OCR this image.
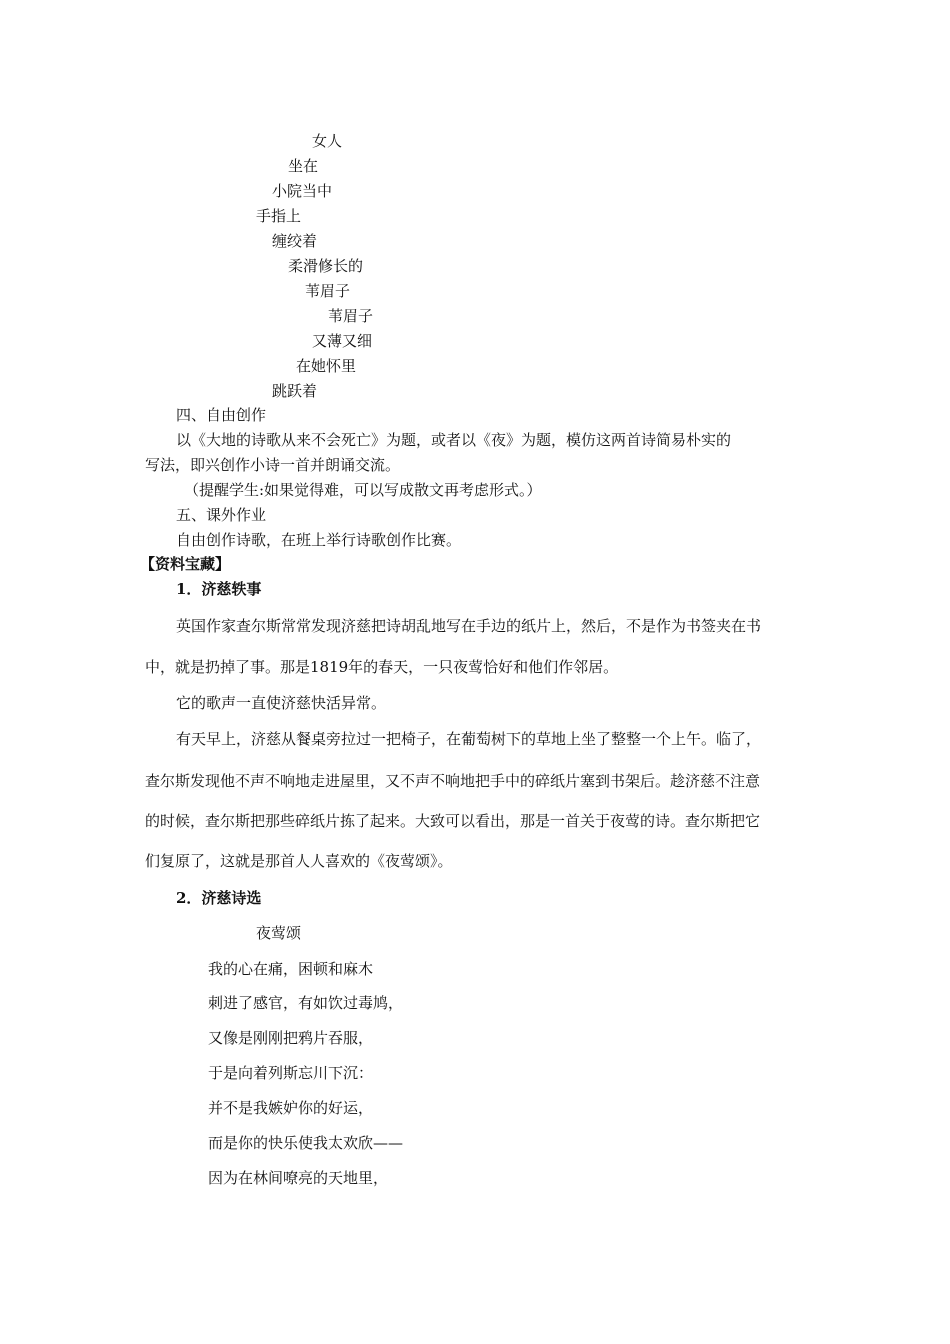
女人
坐在
小院当中
手指上
缠绞着
柔滑修长的
苇眉子
苇眉子
又薄又细
在她怀里
跳跃着
四、自由创作
以《大地的诗歌从来不会死亡》为题，或者以《夜》为题，模仿这两首诗简易朴实的
写法，即兴创作小诗一首并朗诵交流。
（提醒学生:如果觉得难，可以写成散文再考虑形式。）
五、课外作业
自由创作诗歌，在班上举行诗歌创作比赛。
【资料宝藏】
1．济慈轶事
英国作家查尔斯常常发现济慈把诗胡乱地写在手边的纸片上，然后，不是作为书签夹在书
中，就是扔掉了事。那是1819年的春天，一只夜莺恰好和他们作邻居。
它的歌声一直使济慈快活异常。
有天早上，济慈从餐桌旁拉过一把椅子，在葡萄树下的草地上坐了整整一个上午。临了，
查尔斯发现他不声不响地走进屋里，又不声不响地把手中的碎纸片塞到书架后。趁济慈不注意
的时候，查尔斯把那些碎纸片拣了起来。大致可以看出，那是一首关于夜莺的诗。查尔斯把它
们复原了，这就是那首人人喜欢的《夜莺颂》。
2．济慈诗选
夜莺颂
我的心在痛，困顿和麻木
刺进了感官，有如饮过毒鸠，
又像是刚刚把鸦片吞服，
于是向着列斯忘川下沉：
并不是我嫉妒你的好运，
而是你的快乐使我太欢欣——
因为在林间嘹亮的天地里，
